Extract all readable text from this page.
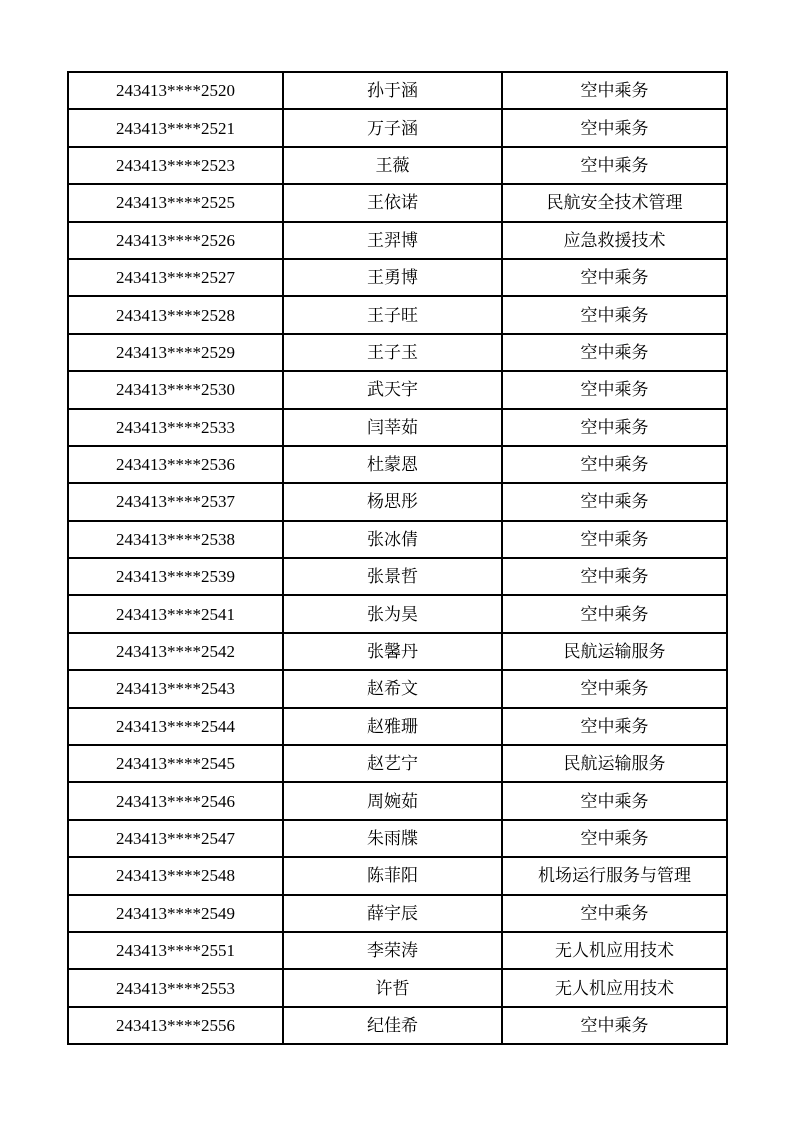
243413****2520	孙于涵	空中乘务
243413****2521	万子涵	空中乘务
243413****2523	王薇	空中乘务
243413****2525	王依诺	民航安全技术管理
243413****2526	王羿博	应急救援技术
243413****2527	王勇博	空中乘务
243413****2528	王子旺	空中乘务
243413****2529	王子玉	空中乘务
243413****2530	武天宇	空中乘务
243413****2533	闫莘茹	空中乘务
243413****2536	杜蒙恩	空中乘务
243413****2537	杨思彤	空中乘务
243413****2538	张冰倩	空中乘务
243413****2539	张景哲	空中乘务
243413****2541	张为昊	空中乘务
243413****2542	张馨丹	民航运输服务
243413****2543	赵希文	空中乘务
243413****2544	赵雅珊	空中乘务
243413****2545	赵艺宁	民航运输服务
243413****2546	周婉茹	空中乘务
243413****2547	朱雨牒	空中乘务
243413****2548	陈菲阳	机场运行服务与管理
243413****2549	薛宇辰	空中乘务
243413****2551	李荣涛	无人机应用技术
243413****2553	许哲	无人机应用技术
243413****2556	纪佳希	空中乘务
